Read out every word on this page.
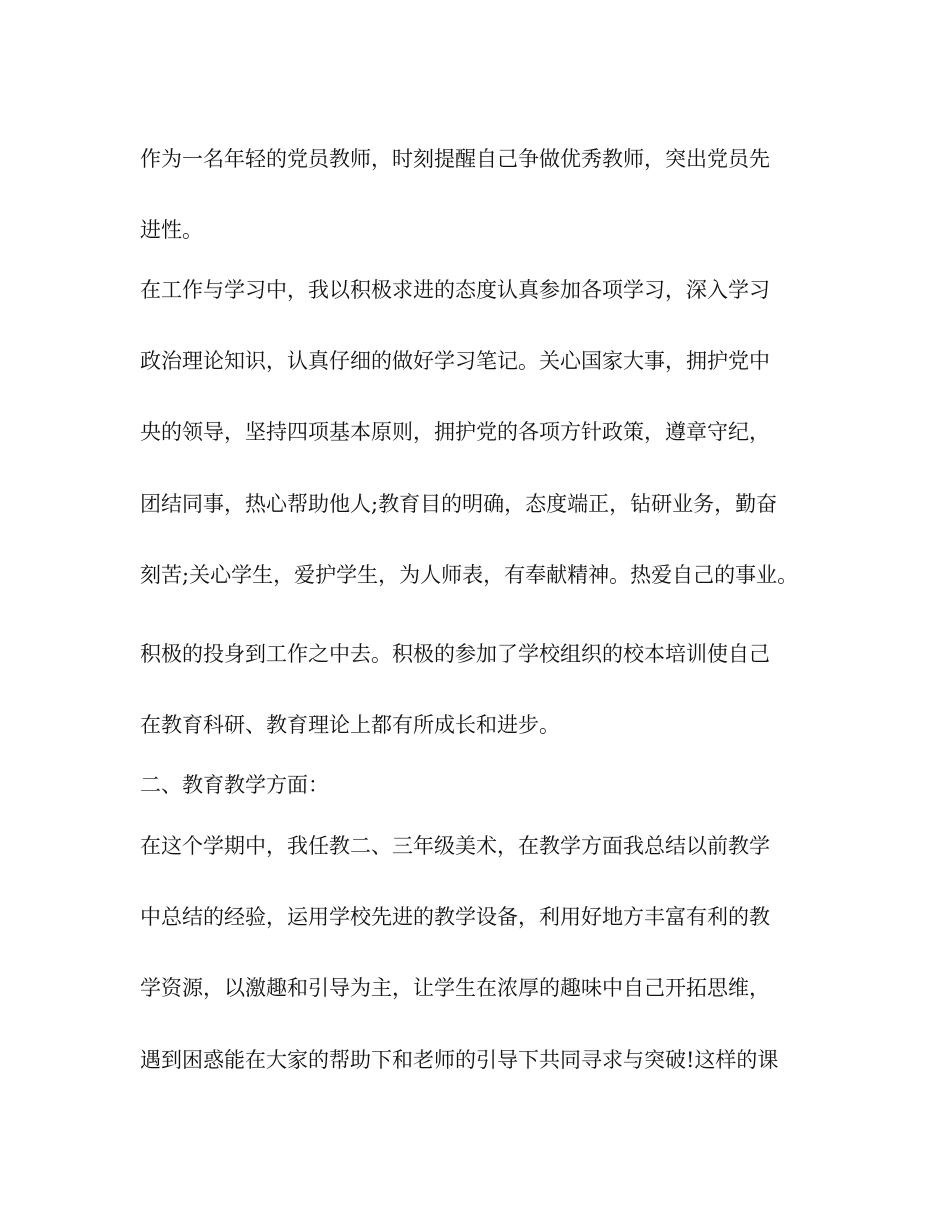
作为一名年轻的党员教师，时刻提醒自己争做优秀教师，突出党员先

进性。

在工作与学习中，我以积极求进的态度认真参加各项学习，深入学习

政治理论知识，认真仔细的做好学习笔记。关心国家大事，拥护党中

央的领导，坚持四项基本原则，拥护党的各项方针政策，遵章守纪，

团结同事，热心帮助他人;教育目的明确，态度端正，钻研业务，勤奋

刻苦;关心学生，爱护学生，为人师表，有奉献精神。热爱自己的事业。

积极的投身到工作之中去。积极的参加了学校组织的校本培训使自己

在教育科研、教育理论上都有所成长和进步。

二、教育教学方面：

在这个学期中，我任教二、三年级美术，在教学方面我总结以前教学

中总结的经验，运用学校先进的教学设备，利用好地方丰富有利的教

学资源，以激趣和引导为主，让学生在浓厚的趣味中自己开拓思维，

遇到困惑能在大家的帮助下和老师的引导下共同寻求与突破!这样的课
